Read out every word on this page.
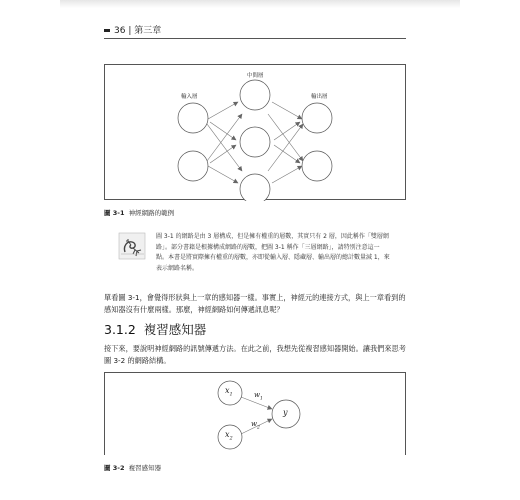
36 | 第三章
輸入層
中間層
輸出層
圖 3-1 神經網路的範例
圖 3-1 的網路是由 3 層構成，但是擁有權重的層數，其實只有 2 層，因此稱作「雙層網路」。部分書籍是根據構成網路的層數，把圖 3-1 稱作「三層網路」，請特別注意這一點。本書是將實際擁有權重的層數，亦即從輸入層、隱藏層、輸出層的總計數量減 1，來表示網路名稱。
單看圖 3-1，會覺得形狀與上一章的感知器一樣。事實上，神經元的連接方式，與上一章看到的感知器沒有什麼兩樣。那麼，神經網路如何傳遞訊息呢？
3.1.2 複習感知器
接下來，要說明神經網路的訊號傳遞方法。在此之前，我想先從複習感知器開始。讓我們來思考圖 3-2 的網路結構。
$x_1$
$x_2$
$w_1$
$w_2$
y
圖 3-2 複習感知器
